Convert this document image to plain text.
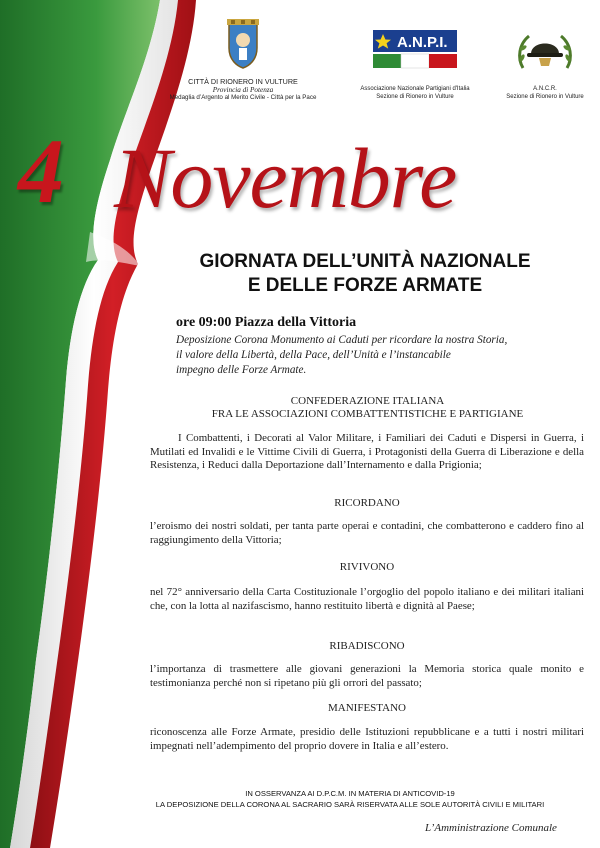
CITTÀ DI RIONERO IN VULTURE
Provincia di Potenza
Medaglia d’Argento al Merito Civile - Città per la Pace
A.N.P.I.
Associazione Nazionale Partigiani d'Italia
Sezione di Rionero in Vulture
A.N.C.R.
Sezione di Rionero in Vulture
4 Novembre
GIORNATA DELL’UNITÀ NAZIONALE
E DELLE FORZE ARMATE
ore 09:00 Piazza della Vittoria
Deposizione Corona Monumento ai Caduti per ricordare la nostra Storia,
il valore della Libertà, della Pace, dell’Unità e l’instancabile
impegno delle Forze Armate.
CONFEDERAZIONE ITALIANA
FRA LE ASSOCIAZIONI COMBATTENTISTICHE E PARTIGIANE
I Combattenti, i Decorati al Valor Militare, i Familiari dei Caduti e Dispersi in Guerra, i Mutilati ed Invalidi e le Vittime Civili di Guerra, i Protagonisti della Guerra di Liberazione e della Resistenza, i Reduci dalla Deportazione dall’Internamento e dalla Prigionia;
RICORDANO
l’eroismo dei nostri soldati, per tanta parte operai e contadini, che combatterono e caddero fino al raggiungimento della Vittoria;
RIVIVONO
nel 72° anniversario della Carta Costituzionale l’orgoglio del popolo italiano e dei militari italiani che, con la lotta al nazifascismo, hanno restituito libertà e dignità al Paese;
RIBADISCONO
l’importanza di trasmettere alle giovani generazioni la Memoria storica quale monito e testimonianza perché non si ripetano più gli orrori del passato;
MANIFESTANO
riconoscenza alle Forze Armate, presidio delle Istituzioni repubblicane e a tutti i nostri militari impegnati nell’adempimento del proprio dovere in Italia e all’estero.
IN OSSERVANZA AI D.P.C.M. IN MATERIA DI ANTICOVID-19
LA DEPOSIZIONE DELLA CORONA AL SACRARIO SARÀ RISERVATA ALLE SOLE AUTORITÀ CIVILI E MILITARI
L’Amministrazione Comunale
